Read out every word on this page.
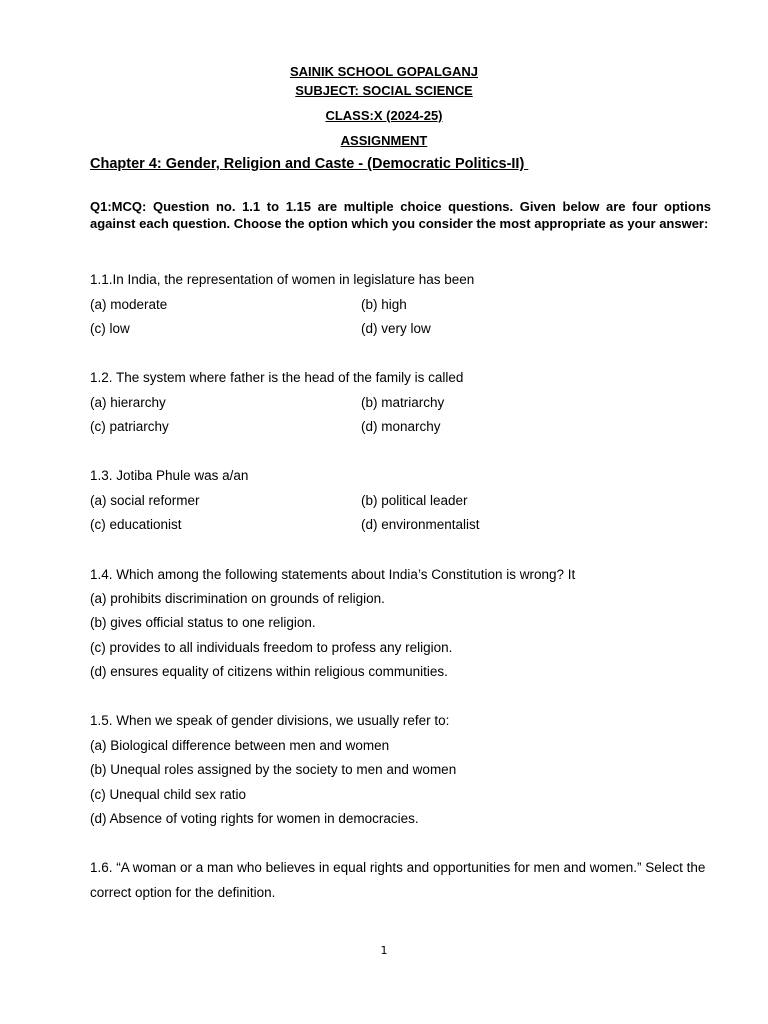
SAINIK SCHOOL GOPALGANJ
SUBJECT: SOCIAL SCIENCE
CLASS:X (2024-25)
ASSIGNMENT
Chapter 4: Gender, Religion and Caste - (Democratic Politics-II)
Q1:MCQ: Question no. 1.1 to 1.15 are multiple choice questions. Given below are four options against each question. Choose the option which you consider the most appropriate as your answer:
1.1.In India, the representation of women in legislature has been
(a) moderate	(b) high
(c) low	(d) very low
1.2. The system where father is the head of the family is called
(a) hierarchy	(b) matriarchy
(c) patriarchy	(d) monarchy
1.3. Jotiba Phule was a/an
(a) social reformer	(b) political leader
(c) educationist	(d) environmentalist
1.4. Which among the following statements about India’s Constitution is wrong? It
(a) prohibits discrimination on grounds of religion.
(b) gives official status to one religion.
(c) provides to all individuals freedom to profess any religion.
(d) ensures equality of citizens within religious communities.
1.5. When we speak of gender divisions, we usually refer to:
(a) Biological difference between men and women
(b) Unequal roles assigned by the society to men and women
(c) Unequal child sex ratio
(d) Absence of voting rights for women in democracies.
1.6. “A woman or a man who believes in equal rights and opportunities for men and women.” Select the correct option for the definition.
1
